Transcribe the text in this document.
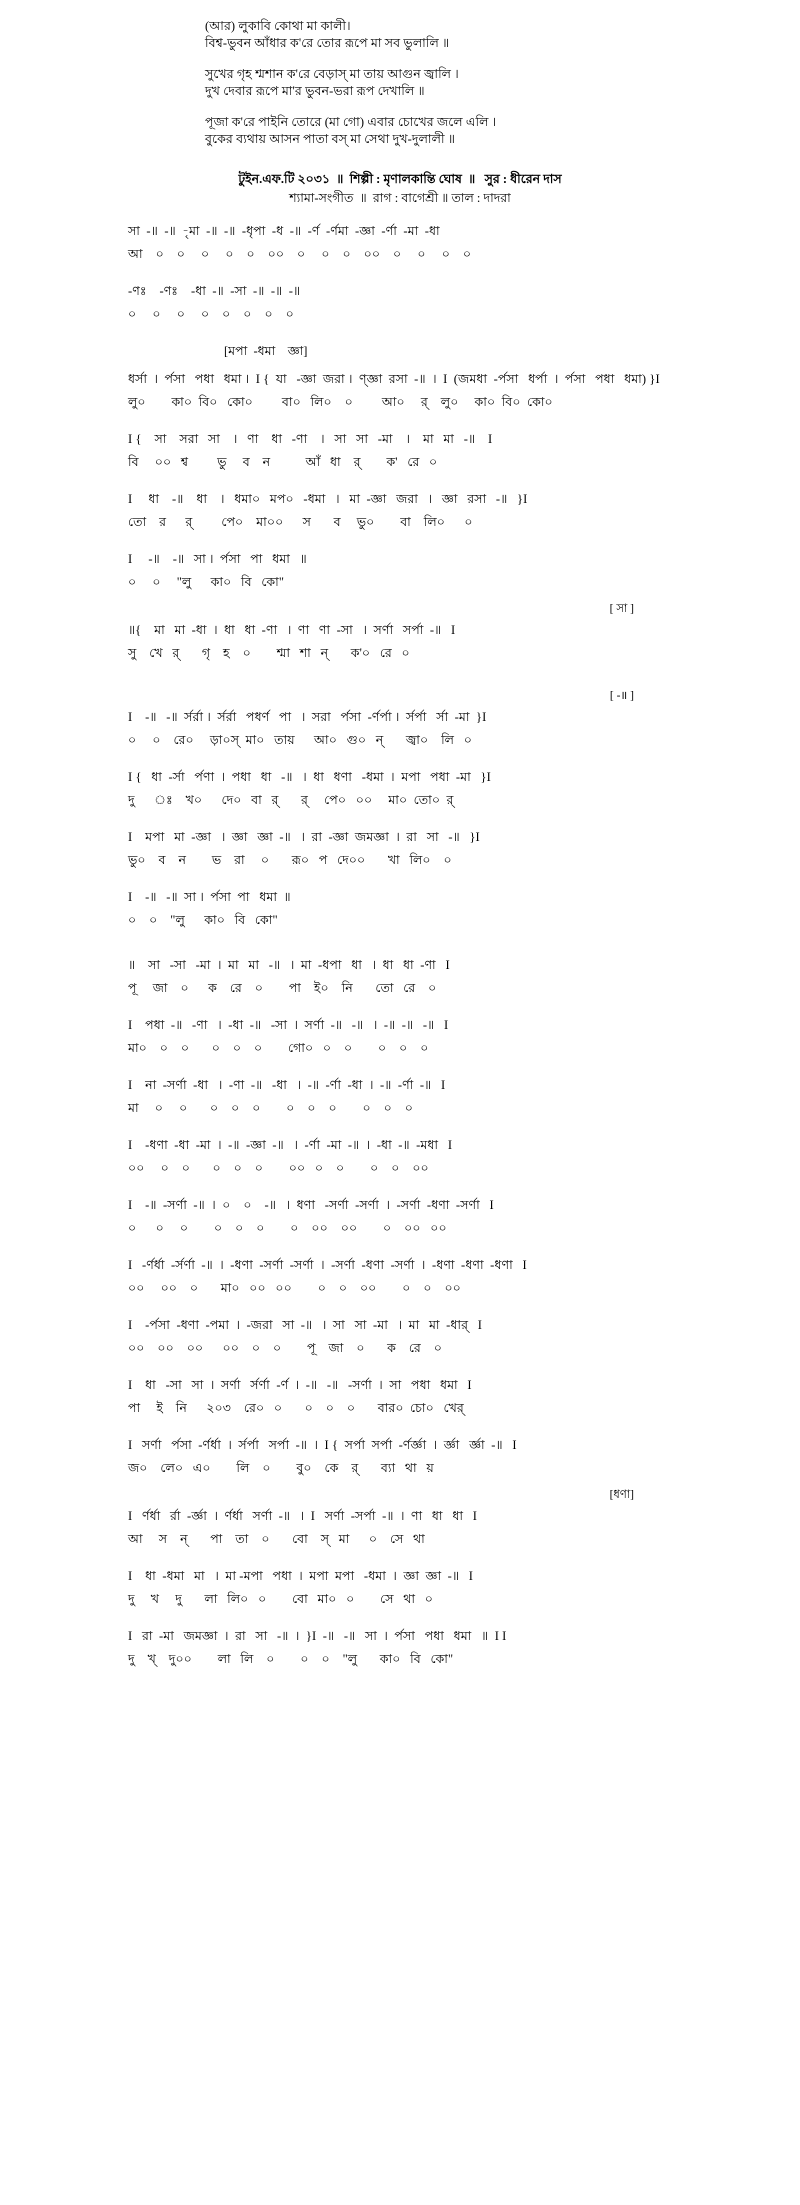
(আর) লুকাবি কোথা মা কালী।
বিশ্ব-ভুবন আঁধার ক'রে তোর রূপে মা সব ভুলালি ॥
সুখের গৃহ শ্মশান ক'রে বেড়াস্ মা তায় আগুন জ্বালি ।
দুখ দেবার রূপে মা'র ভুবন-ভরা রূপ দেখালি ॥
পূজা ক'রে পাইনি তোরে (মা গো) এবার চোখের জলে এলি ।
বুকের ব্যথায় আসন পাতা বস্ মা সেথা দুখ-দুলালী ॥
টুইন.এফ.টি ২০৩১  ॥  শিল্পী : মৃণালকান্তি ঘোষ  ॥   সুর : ধীরেন দাস
শ্যামা-সংগীত  ॥  রাগ : বাগেশ্রী ॥ তাল : দাদরা
সা  -॥  -॥  -ৃমা  -॥  -॥  -ধৃপা  -ধ  -॥  -র্ণ  -র্ণমা  -জ্ঞা  -র্ণা  -মা  -ধা
আ    ০    ০     ০     ০    ০    ০০    ০     ০    ০    ০০    ০     ০     ০    ০
-ণঃ    -ণঃ    -ধা  -॥  -সা  -॥  -॥  -॥
০     ০     ০     ০    ০    ০    ০    ০
[মপা  -ধমা    জ্ঞা]
ধর্সা  ।  র্পসা   পধা   ধমা ।  I {  যা   -জ্ঞা  জরা ।  ণ্জ্ঞা  রসা  -॥  ।  I  (জমধা  -র্পসা   ধর্পা  ।  র্পসা   পধা   ধমা) }I
লু০        কা০  বি০   কো০         বা০   লি০    ০         আ০     র্    লু০     কা০  বি০  কো০
I {    সা    সরা   সা    ।   ণা    ধা   -ণা    ।   সা   সা   -মা    ।    মা   মা   -॥    I
বি     ০০   শ্ব         ভু     ব    ন           আঁ   ধা    র্        ক'   রে   ০
I     ধা    -॥    ধা    ।   ধমা০   মপ০   -ধমা   ।   মা  -জ্ঞা   জরা   ।   জ্ঞা   রসা   -॥   }I
তো    র      র্         পে০    মা০০      স       ব     ভু০        বা    লি০      ০
I     -॥    -॥   সা ।  র্পসা   পা   ধমা   ॥
০     ০     "লু      কা০   বি   কো"
[ সা ]
॥{    মা   মা  -ধা  ।  ধা   ধা  -ণা   ।  ণা   ণা  -সা   ।  সর্ণা   সর্পা  -॥   I
সু    খে   র্       গৃ    হ    ০        শ্মা   শা   ন্       ক'০   রে   ০
[ -॥ ]
I    -॥   -॥  র্সর্রা ।  র্সর্রা   পধর্ণ   পা   ।  সরা   র্পসা  -র্ণর্পা ।  র্সর্পা   র্সা  -মা  }I
০     ০    রে০     ড়া০স্  মা০   তায়      আ০   গু০   ন্       জ্বা০    লি   ০
I {   ধা  -র্সা   র্পণা  ।  পধা   ধা   -॥   ।  ধা   ধণা   -ধমা  ।  মপা   পধা  -মা   }I
দু      ঃ    খ০      দে০   বা   র্       র্     পে০   ০০     মা০  তো০  র্
I    মপা   মা  -জ্ঞা   ।  জ্ঞা   জ্ঞা  -॥   ।  রা  -জ্ঞা  জমজ্ঞা  ।  রা   সা   -॥   }I
ভু০    ব    ন        ভ    রা     ০       রূ০   প   দে০০       খা   লি০    ০
I    -॥   -॥  সা ।  র্পসা  পা   ধমা  ॥
০    ০    "লু      কা০   বি   কো"
॥    সা   -সা   -মা  ।  মা   মা   -॥   ।  মা  -ধপা   ধা   ।  ধা   ধা  -ণা   I
পূ     জা    ০      ক    রে    ০        পা    ই০    নি       তো   রে    ০
I    পধা  -॥   -ণা   ।  -ধা  -॥   -সা  ।  সর্ণা  -॥   -॥   ।  -॥  -॥   -॥   I
মা০    ০    ০       ০    ০    ০        গো০   ০    ০        ০    ০    ০
I    না  -সর্ণা  -ধা   ।  -ণা  -॥   -ধা   ।  -॥  -র্ণা  -ধা  ।  -॥  -র্ণা  -॥   I
মা     ০     ০       ০    ০    ০        ০    ০    ০        ০    ০    ০
I    -ধণা  -ধা  -মা  ।  -॥  -জ্ঞা  -॥   ।  -র্ণা  -মা  -॥  ।  -ধা  -॥  -মধা   I
০০     ০    ০       ০    ০    ০        ০০   ০    ০        ০    ০    ০০
I    -॥  -সর্ণা  -॥  ।  ০    ০    -॥   ।  ধণা   -সর্ণা  -সর্ণা  ।  -সর্ণা  -ধণা  -সর্ণা   I
০      ০     ০        ০    ০    ০        ০    ০০    ০০        ০    ০০   ০০
I   -র্ণর্ধা  -র্সর্ণা  -॥  ।  -ধণা  -সর্ণা  -সর্ণা  ।  -সর্ণা  -ধণা  -সর্ণা  ।  -ধণা  -ধণা  -ধণা   I
০০     ০০    ০       মা০   ০০   ০০        ০    ০    ০০        ০    ০    ০০
I    -র্পসা  -ধণা  -পমা  ।  -জরা   সা  -॥   ।  সা   সা  -মা   ।  মা   মা  -ধার্   I
০০    ০০    ০০      ০০    ০    ০        পূ    জা    ০       ক    রে    ০
I    ধা   -সা   সা  ।  সর্ণা   র্সর্ণা  -র্ণ  ।  -॥   -॥   -সর্ণা  ।  সা   পধা   ধমা   I
পা     ই    নি      ২০৩    রে০   ০       ০    ০    ০       বার০  চো০   খের্
I   সর্ণা   র্পসা  -র্ণর্ধা  ।  র্সর্পা   সর্পা  -॥  ।  I {  সর্পা  সর্পা  -র্ণর্জ্ঞা  ।  র্জ্ঞা   র্জ্ঞা  -॥   I
জ০    লে০   এ০        লি    ০        বু০    কে    র্       ব্যা   থা   য়
[ধণা]
I   র্ণর্ধা   র্রা  -র্জ্ঞা  ।  র্ণর্ধা   সর্ণা  -॥   ।  I   সর্ণা  -সর্পা  -॥  ।  ণা   ধা   ধা   I
আ     স    ন্       পা    তা    ০       বো    স্   মা      ০    সে   থা
I    ধা  -ধমা   মা   ।  মা -মপা   পধা  ।  মপা  মপা   -ধমা  ।  জ্ঞা  জ্ঞা  -॥   I
দু     খ     দু       লা   লি০   ০        বো   মা০   ০        সে   থা   ০
I   রা  -মা   জমজ্ঞা  ।  রা   সা   -॥  ।  }I  -॥   -॥   সা  ।  র্পসা   পধা   ধমা   ॥  I I
দু    খ্    দু০০        লা   লি    ০        ০    ০    "লু       কা০   বি   কো"
